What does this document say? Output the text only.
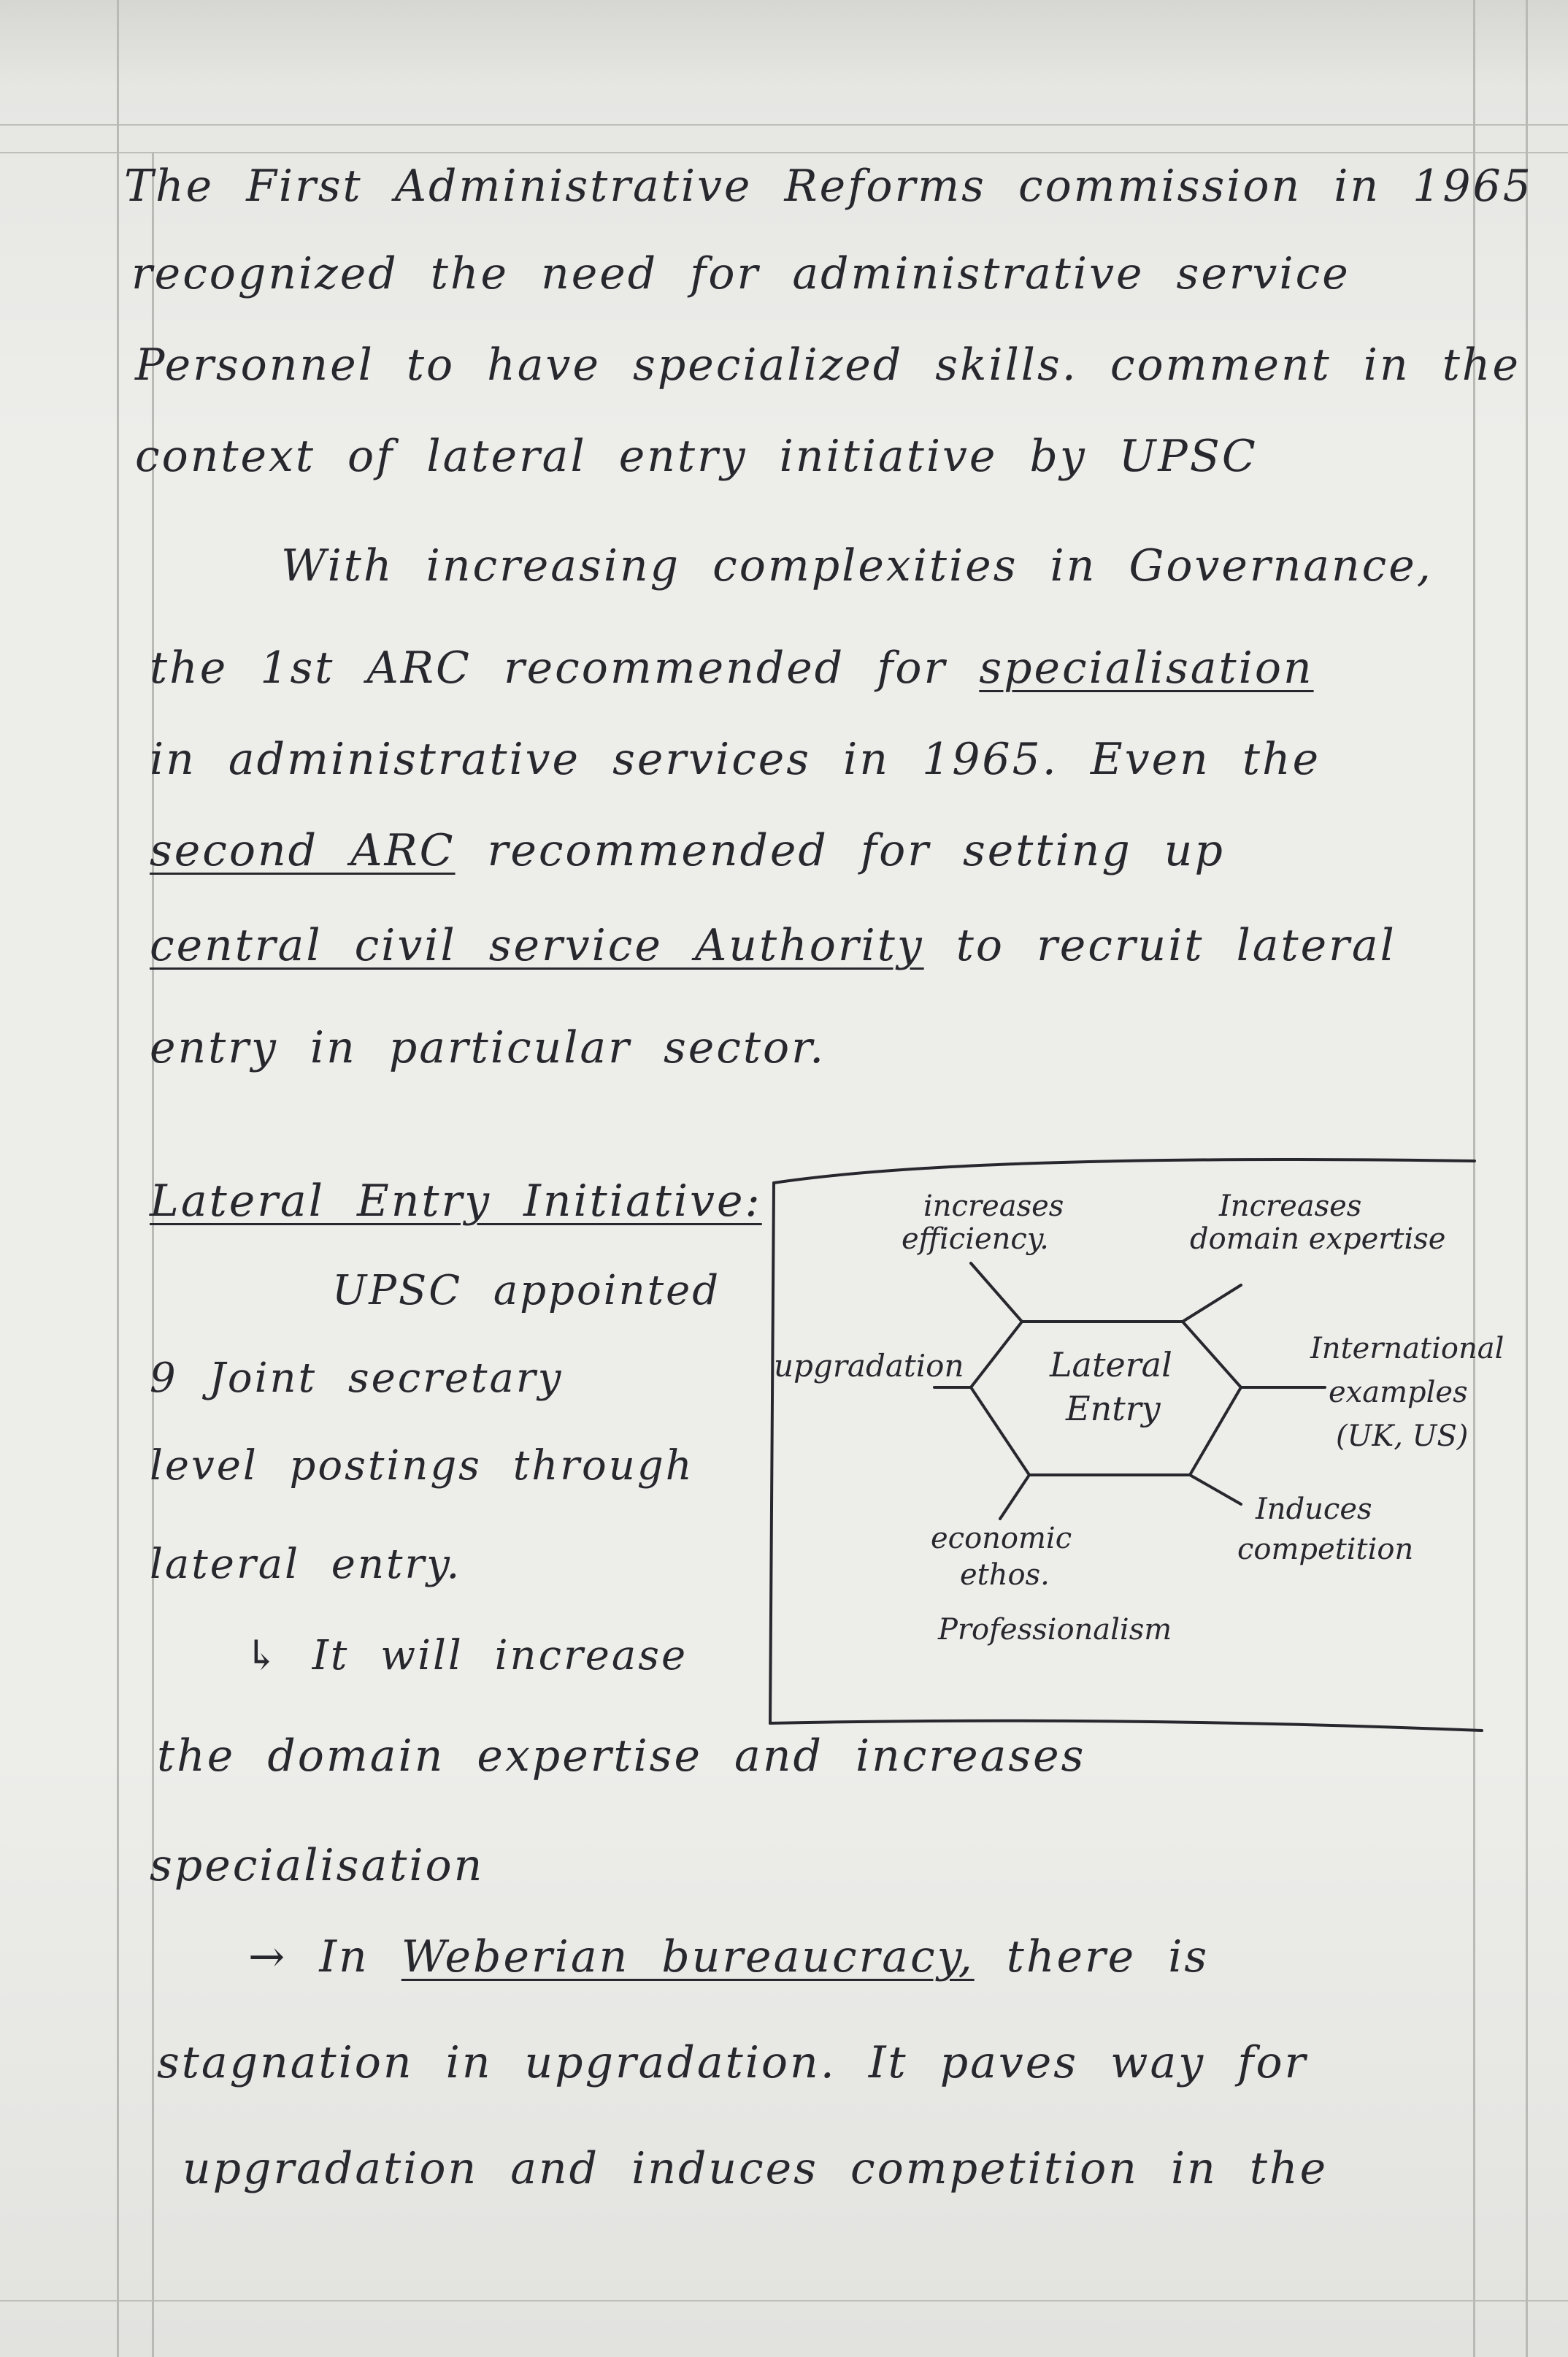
The First Administrative Reforms commission in 1965
recognized the need for administrative service
Personnel to have specialized skills. comment in the
context of lateral entry initiative by UPSC
With increasing complexities in Governance,
the 1st ARC recommended for specialisation
in administrative services in 1965. Even the
second ARC recommended for setting up
central civil service Authority to recruit lateral
entry in particular sector.
Lateral Entry Initiative:
UPSC appointed
9 Joint secretary
level postings through
lateral entry.
↳ It will increase
the domain expertise and increases
specialisation
→ In Weberian bureaucracy, there is
stagnation in upgradation. It paves way for
upgradation and induces competition in the
Lateral
Entry
increases
efficiency.
Increases
domain expertise
upgradation	International
examples
(UK, US)
Induces
competition
economic
ethos.
Professionalism
